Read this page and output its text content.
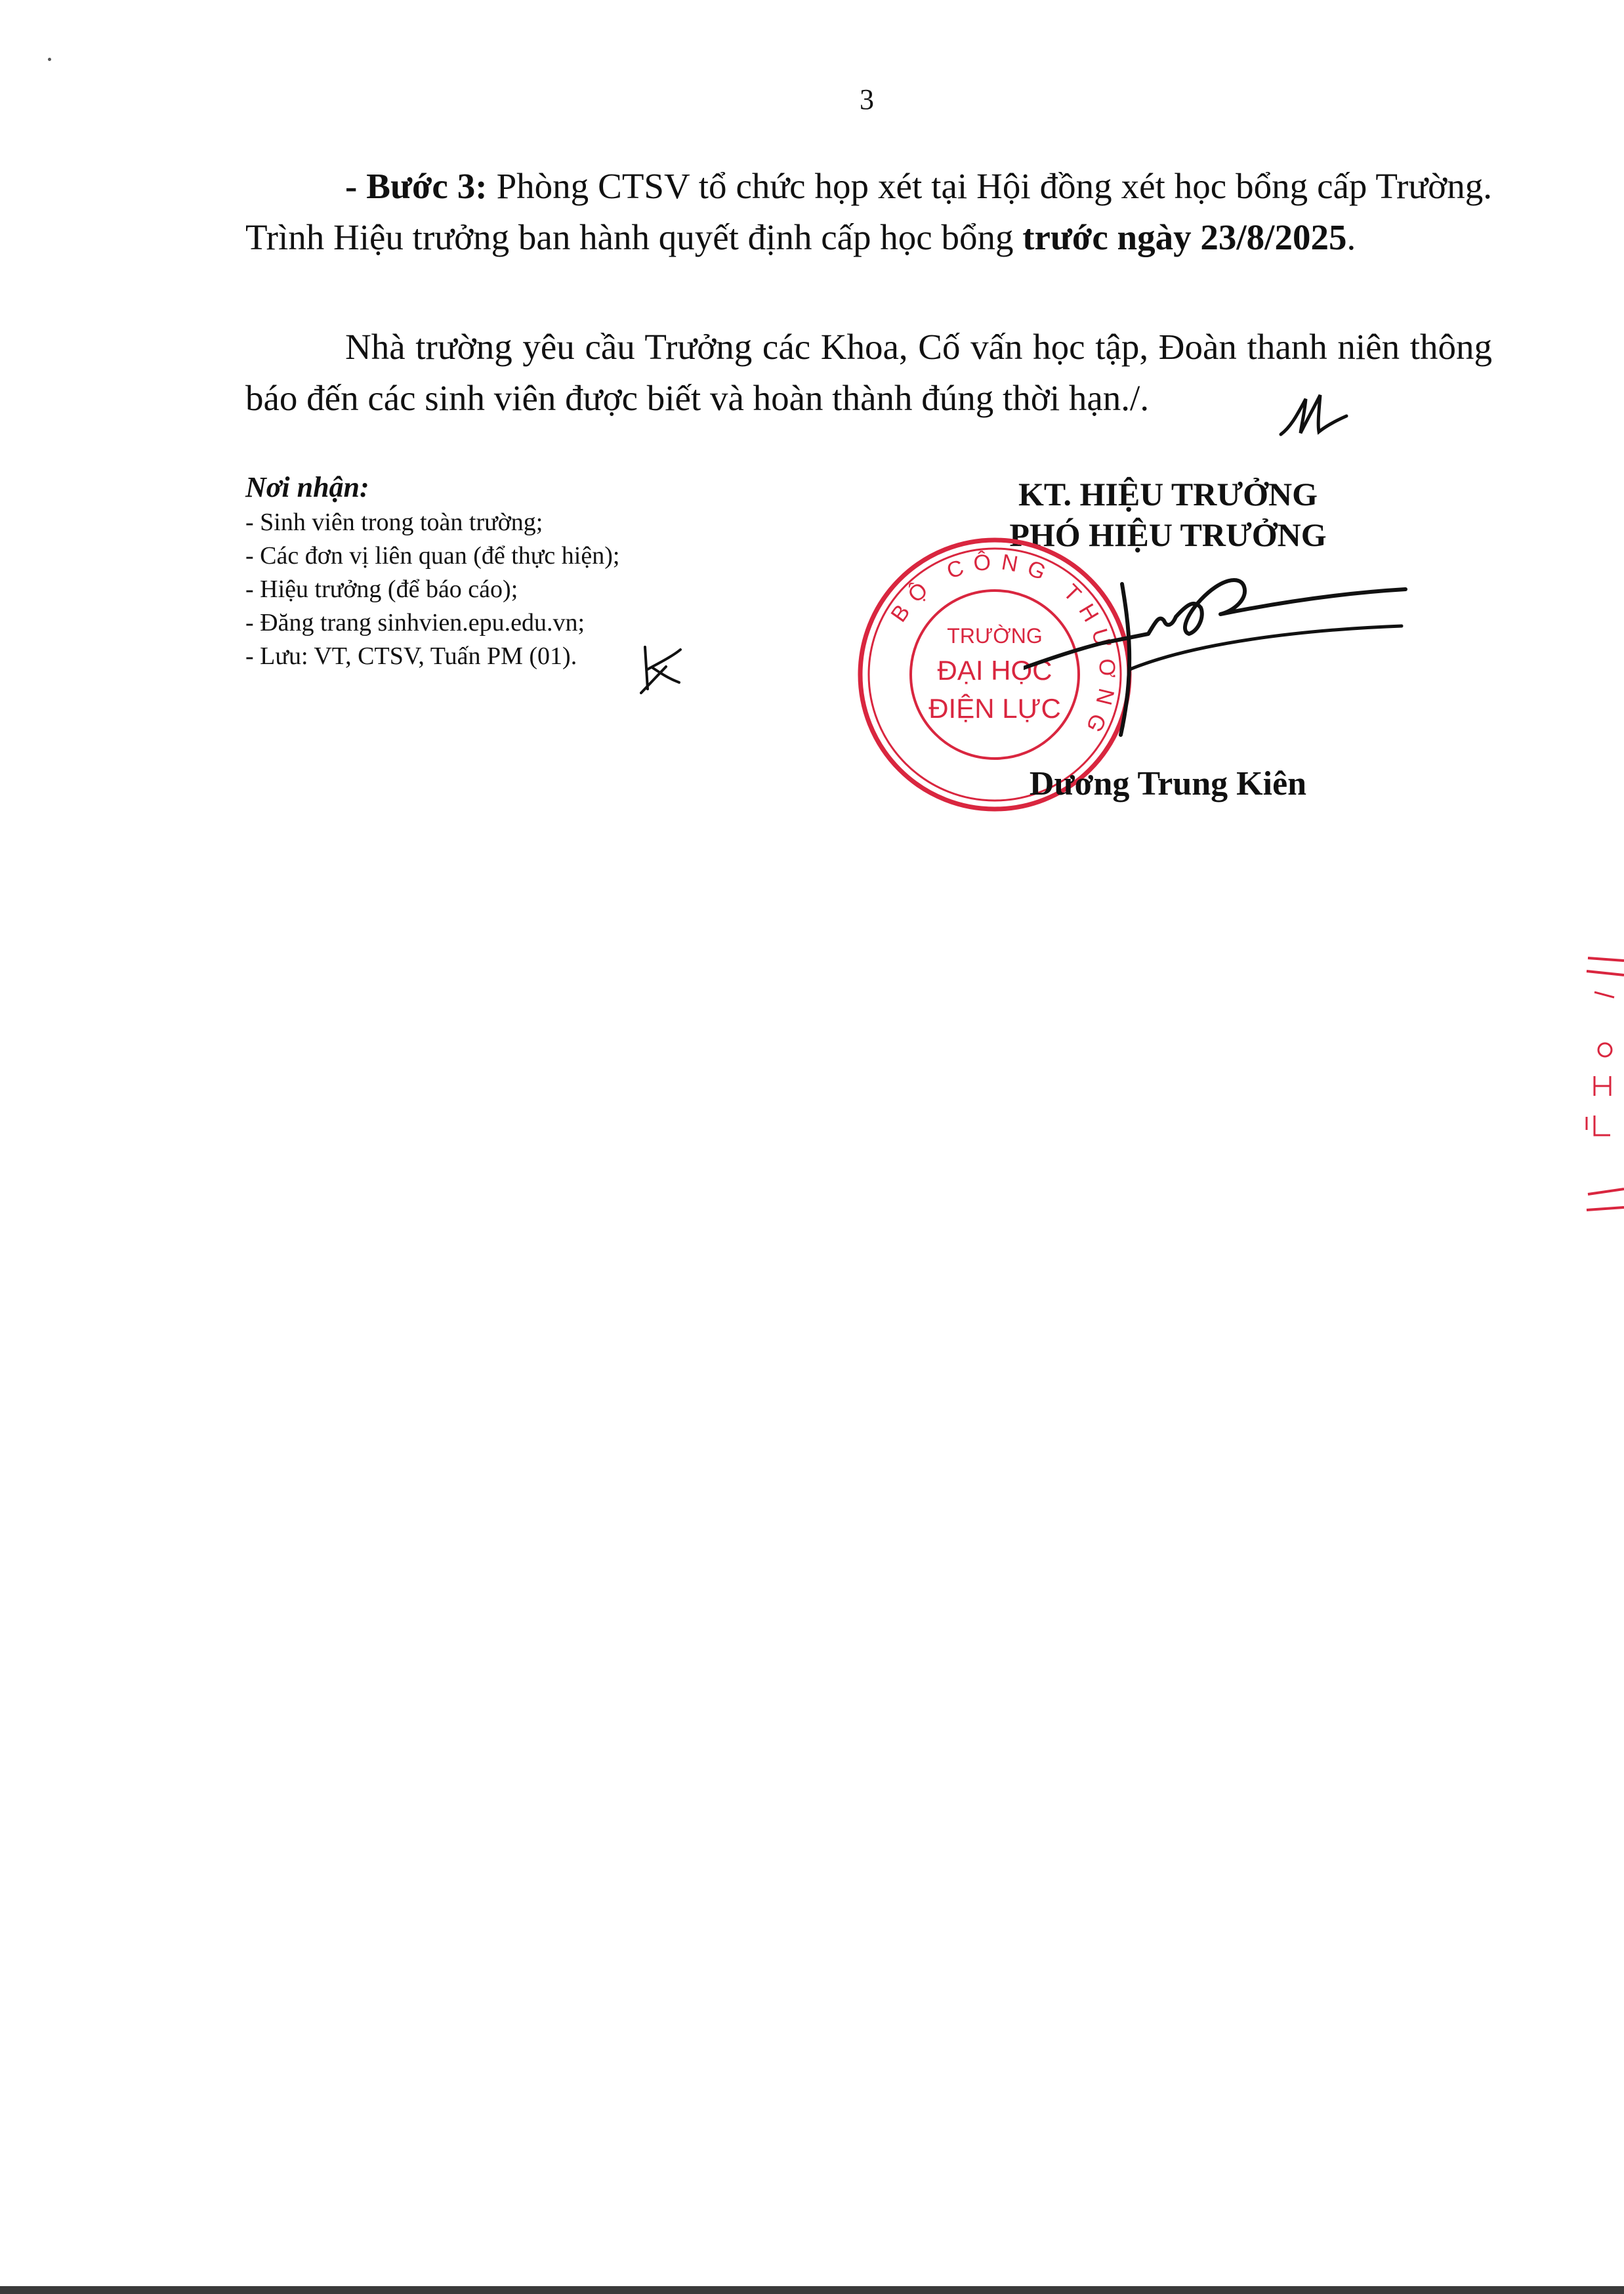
3

- Bước 3: Phòng CTSV tổ chức họp xét tại Hội đồng xét học bổng cấp Trường. Trình Hiệu trưởng ban hành quyết định cấp học bổng trước ngày 23/8/2025.

Nhà trường yêu cầu Trưởng các Khoa, Cố vấn học tập, Đoàn thanh niên thông báo đến các sinh viên được biết và hoàn thành đúng thời hạn./.

Nơi nhận:
- Sinh viên trong toàn trường;
- Các đơn vị liên quan (để thực hiện);
- Hiệu trưởng (để báo cáo);
- Đăng trang sinhvien.epu.edu.vn;
- Lưu: VT, CTSV, Tuấn PM (01).
KT. HIỆU TRƯỞNG
PHÓ HIỆU TRƯỞNG
BỘ CÔNG THƯƠNG
TRƯỜNG
ĐẠI HỌC
ĐIỆN LỰC
Dương Trung Kiên
